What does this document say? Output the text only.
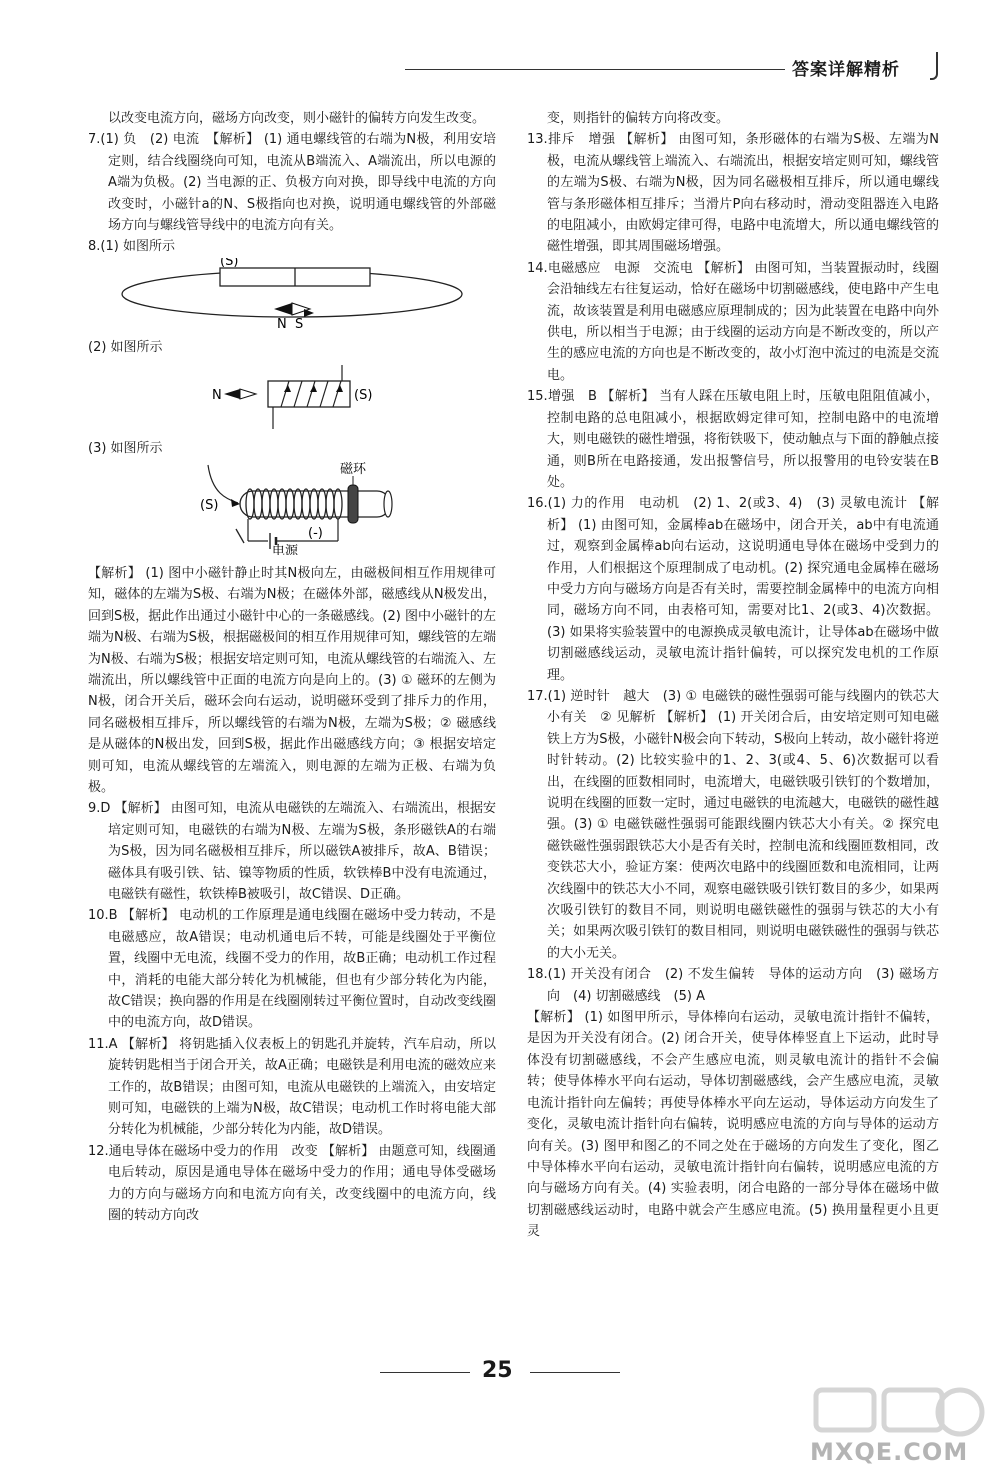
答案详解精析

以改变电流方向，磁场方向改变，则小磁针的偏转方向发生改变。

7.(1) 负　(2) 电流　【解析】 (1) 通电螺线管的右端为N极，利用安培定则，结合线圈绕向可知，电流从B端流入、A端流出，所以电源的A端为负极。(2) 当电源的正、负极方向对换，即导线中电流的方向改变时，小磁针a的N、S极指向也对换，说明通电螺线管的外部磁场方向与螺线管导线中的电流方向有关。

8.(1) 如图所示

(S)
N S

(2) 如图所示

N	(S)

(3) 如图所示

磁环
(S)
电源
(-)

【解析】 (1) 图中小磁针静止时其N极向左，由磁极间相互作用规律可知，磁体的左端为S极、右端为N极；在磁体外部，磁感线从N极发出，回到S极，据此作出通过小磁针中心的一条磁感线。(2) 图中小磁针的左端为N极、右端为S极，根据磁极间的相互作用规律可知，螺线管的左端为N极、右端为S极；根据安培定则可知，电流从螺线管的右端流入、左端流出，所以螺线管中正面的电流方向是向上的。(3) ① 磁环的左侧为N极，闭合开关后，磁环会向右运动，说明磁环受到了排斥力的作用，同名磁极相互排斥，所以螺线管的右端为N极，左端为S极；② 磁感线是从磁体的N极出发，回到S极，据此作出磁感线方向；③ 根据安培定则可知，电流从螺线管的左端流入，则电源的左端为正极、右端为负极。

9.D 【解析】 由图可知，电流从电磁铁的左端流入、右端流出，根据安培定则可知，电磁铁的右端为N极、左端为S极，条形磁铁A的右端为S极，因为同名磁极相互排斥，所以磁铁A被排斥，故A、B错误；磁体具有吸引铁、钴、镍等物质的性质，软铁棒B中没有电流通过，电磁铁有磁性，软铁棒B被吸引，故C错误、D正确。

10.B 【解析】 电动机的工作原理是通电线圈在磁场中受力转动，不是电磁感应，故A错误；电动机通电后不转，可能是线圈处于平衡位置，线圈中无电流，线圈不受力的作用，故B正确；电动机工作过程中，消耗的电能大部分转化为机械能，但也有少部分转化为内能，故C错误；换向器的作用是在线圈刚转过平衡位置时，自动改变线圈中的电流方向，故D错误。

11.A 【解析】 将钥匙插入仪表板上的钥匙孔并旋转，汽车启动，所以旋转钥匙相当于闭合开关，故A正确；电磁铁是利用电流的磁效应来工作的，故B错误；由图可知，电流从电磁铁的上端流入，由安培定则可知，电磁铁的上端为N极，故C错误；电动机工作时将电能大部分转化为机械能，少部分转化为内能，故D错误。

12.通电导体在磁场中受力的作用　改变 【解析】 由题意可知，线圈通电后转动，原因是通电导体在磁场中受力的作用；通电导体受磁场力的方向与磁场方向和电流方向有关，改变线圈中的电流方向，线圈的转动方向改

变，则指针的偏转方向将改变。

13.排斥　增强 【解析】 由图可知，条形磁体的右端为S极、左端为N极，电流从螺线管上端流入、右端流出，根据安培定则可知，螺线管的左端为S极、右端为N极，因为同名磁极相互排斥，所以通电螺线管与条形磁体相互排斥；当滑片P向右移动时，滑动变阻器连入电路的电阻减小，由欧姆定律可得，电路中电流增大，所以通电螺线管的磁性增强，即其周围磁场增强。

14.电磁感应　电源　交流电 【解析】 由图可知，当装置振动时，线圈会沿轴线左右往复运动，恰好在磁场中切割磁感线，使电路中产生电流，故该装置是利用电磁感应原理制成的；因为此装置在电路中向外供电，所以相当于电源；由于线圈的运动方向是不断改变的，所以产生的感应电流的方向也是不断改变的，故小灯泡中流过的电流是交流电。

15.增强　B 【解析】 当有人踩在压敏电阻上时，压敏电阻阻值减小，控制电路的总电阻减小，根据欧姆定律可知，控制电路中的电流增大，则电磁铁的磁性增强，将衔铁吸下，使动触点与下面的静触点接通，则B所在电路接通，发出报警信号，所以报警用的电铃安装在B处。

16.(1) 力的作用　电动机　(2) 1、2(或3、4)　(3) 灵敏电流计 【解析】 (1) 由图可知，金属棒ab在磁场中，闭合开关，ab中有电流通过，观察到金属棒ab向右运动，这说明通电导体在磁场中受到力的作用，人们根据这个原理制成了电动机。(2) 探究通电金属棒在磁场中受力方向与磁场方向是否有关时，需要控制金属棒中的电流方向相同，磁场方向不同，由表格可知，需要对比1、2(或3、4)次数据。(3) 如果将实验装置中的电源换成灵敏电流计，让导体ab在磁场中做切割磁感线运动，灵敏电流计指针偏转，可以探究发电机的工作原理。

17.(1) 逆时针　越大　(3) ① 电磁铁的磁性强弱可能与线圈内的铁芯大小有关　② 见解析 【解析】 (1) 开关闭合后，由安培定则可知电磁铁上方为S极，小磁针N极会向下转动，S极向上转动，故小磁针将逆时针转动。(2) 比较实验中的1、2、3(或4、5、6)次数据可以看出，在线圈的匝数相同时，电流增大，电磁铁吸引铁钉的个数增加，说明在线圈的匝数一定时，通过电磁铁的电流越大，电磁铁的磁性越强。(3) ① 电磁铁磁性强弱可能跟线圈内铁芯大小有关。② 探究电磁铁磁性强弱跟铁芯大小是否有关时，控制电流和线圈匝数相同，改变铁芯大小，验证方案：使两次电路中的线圈匝数和电流相同，让两次线圈中的铁芯大小不同，观察电磁铁吸引铁钉数目的多少，如果两次吸引铁钉的数目不同，则说明电磁铁磁性的强弱与铁芯的大小有关；如果两次吸引铁钉的数目相同，则说明电磁铁磁性的强弱与铁芯的大小无关。

18.(1) 开关没有闭合　(2) 不发生偏转　导体的运动方向　(3) 磁场方向　(4) 切割磁感线　(5) A

【解析】 (1) 如图甲所示，导体棒向右运动，灵敏电流计指针不偏转，是因为开关没有闭合。(2) 闭合开关，使导体棒竖直上下运动，此时导体没有切割磁感线，不会产生感应电流，则灵敏电流计的指针不会偏转；使导体棒水平向右运动，导体切割磁感线，会产生感应电流，灵敏电流计指针向左偏转；再使导体棒水平向左运动，导体运动方向发生了变化，灵敏电流计指针向右偏转，说明感应电流的方向与导体的运动方向有关。(3) 图甲和图乙的不同之处在于磁场的方向发生了变化，图乙中导体棒水平向右运动，灵敏电流计指针向右偏转，说明感应电流的方向与磁场方向有关。(4) 实验表明，闭合电路的一部分导体在磁场中做切割磁感线运动时，电路中就会产生感应电流。(5) 换用量程更小且更灵

25
MXQE.COM
